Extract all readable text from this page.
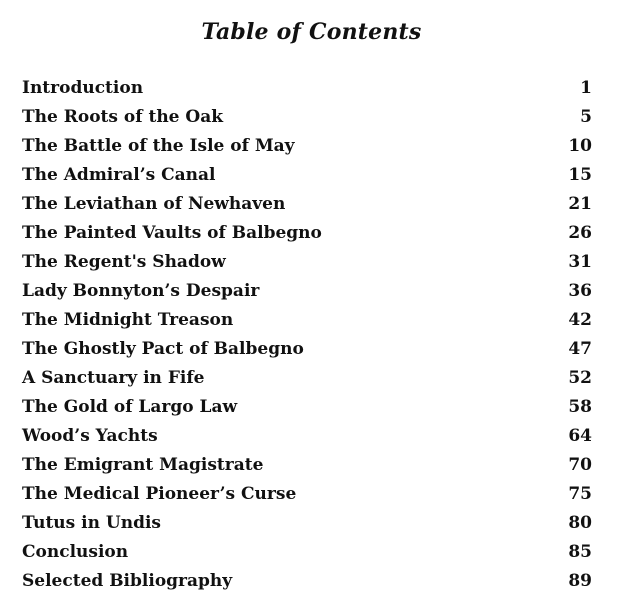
Table of Contents
Introduction	1
The Roots of the Oak	5
The Battle of the Isle of May	10
The Admiral’s Canal	15
The Leviathan of Newhaven	21
The Painted Vaults of Balbegno	26
The Regent's Shadow	31
Lady Bonnyton’s Despair	36
The Midnight Treason	42
The Ghostly Pact of Balbegno	47
A Sanctuary in Fife	52
The Gold of Largo Law	58
Wood’s Yachts	64
The Emigrant Magistrate	70
The Medical Pioneer’s Curse	75
Tutus in Undis	80
Conclusion	85
Selected Bibliography	89
